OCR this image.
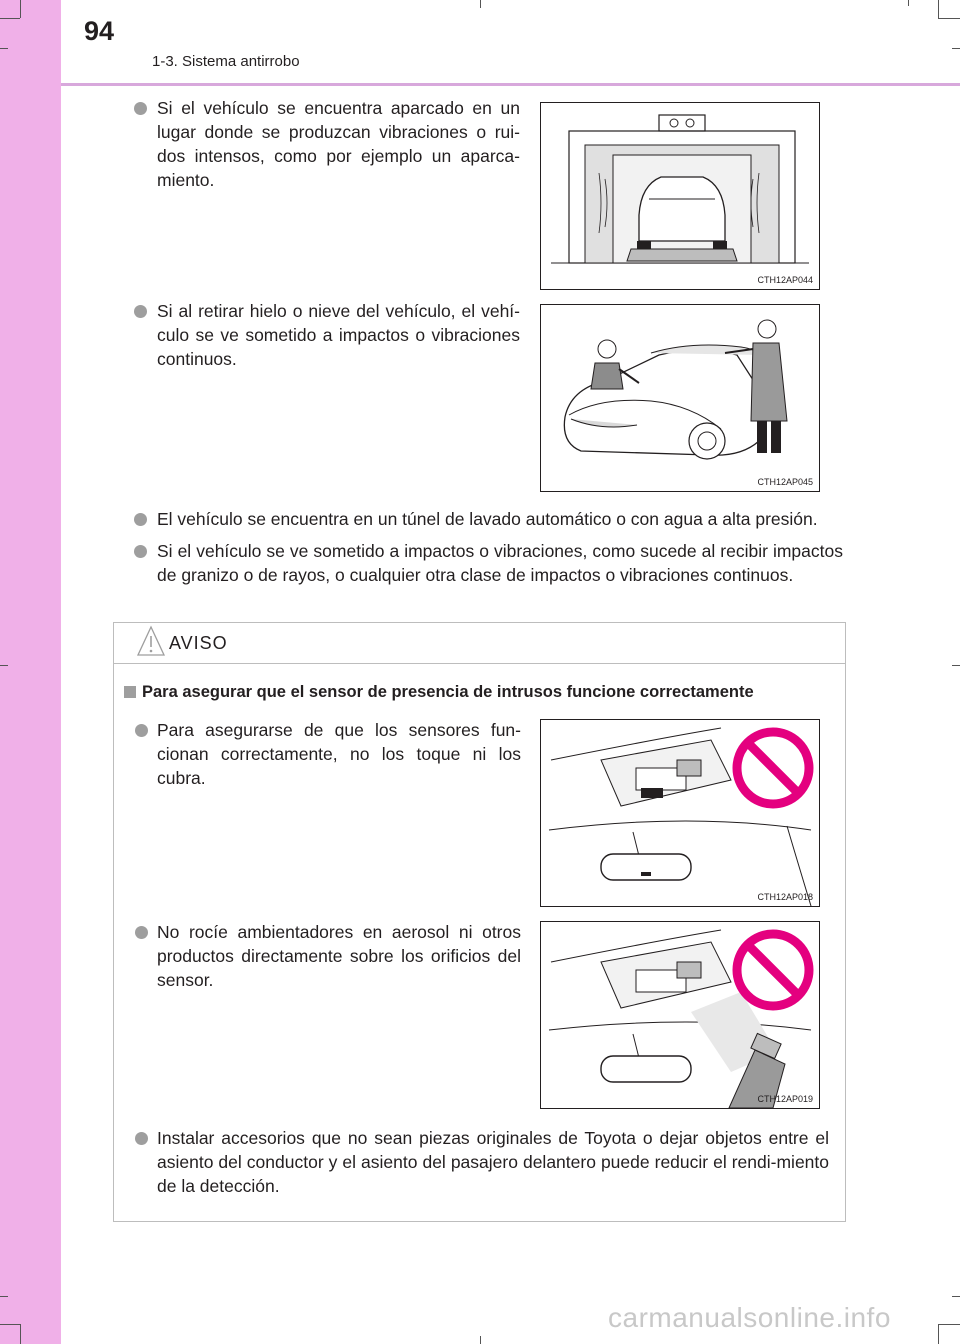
94
1-3. Sistema antirrobo
Si el vehículo se encuentra aparcado en un lugar donde se produzcan vibraciones o rui-dos intensos, como por ejemplo un aparca-miento.
CTH12AP044
Si al retirar hielo o nieve del vehículo, el vehí-culo se ve sometido a impactos o vibraciones continuos.
CTH12AP045
El vehículo se encuentra en un túnel de lavado automático o con agua a alta presión.
Si el vehículo se ve sometido a impactos o vibraciones, como sucede al recibir impactos de granizo o de rayos, o cualquier otra clase de impactos o vibraciones continuos.
AVISO
Para asegurar que el sensor de presencia de intrusos funcione correctamente
Para asegurarse de que los sensores fun-cionan correctamente, no los toque ni los cubra.
No rocíe ambientadores en aerosol ni otros productos directamente sobre los orificios del sensor.
Instalar accesorios que no sean piezas originales de Toyota o dejar objetos entre el asiento del conductor y el asiento del pasajero delantero puede reducir el rendi-miento de la detección.
CTH12AP018
CTH12AP019
carmanualsonline.info
